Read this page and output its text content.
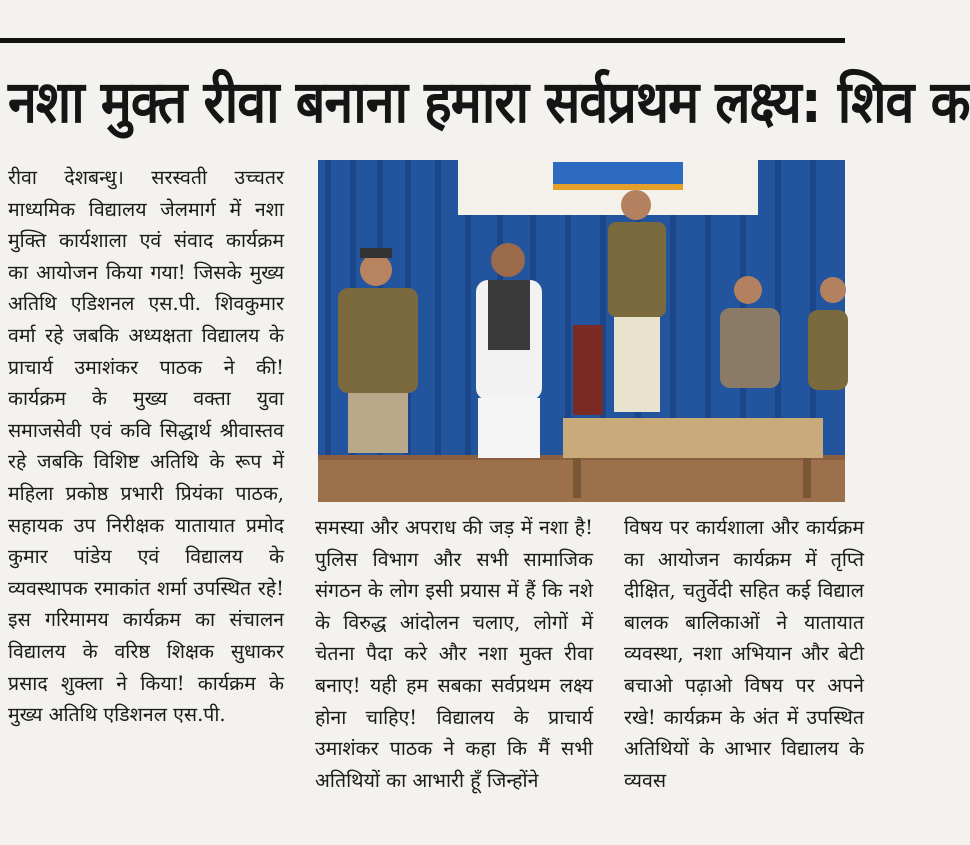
नशा मुक्त रीवा बनाना हमारा सर्वप्रथम लक्ष्य: शिव क

रीवा देशबन्धु। सरस्वती उच्चतर माध्यमिक विद्यालय जेलमार्ग में नशा मुक्ति कार्यशाला एवं संवाद कार्यक्रम का आयोजन किया गया! जिसके मुख्य अतिथि एडिशनल एस.पी. शिवकुमार वर्मा रहे जबकि अध्यक्षता विद्यालय के प्राचार्य उमाशंकर पाठक ने की! कार्यक्रम के मुख्य वक्ता युवा समाजसेवी एवं कवि सिद्धार्थ श्रीवास्तव रहे जबकि विशिष्ट अतिथि के रूप में महिला प्रकोष्ठ प्रभारी प्रियंका पाठक, सहायक उप निरीक्षक यातायात प्रमोद कुमार पांडेय एवं विद्यालय के व्यवस्थापक रमाकांत शर्मा उपस्थित रहे! इस गरिमामय कार्यक्रम का संचालन विद्यालय के वरिष्ठ शिक्षक सुधाकर प्रसाद शुक्ला ने किया! कार्यक्रम के मुख्य अतिथि एडिशनल एस.पी.

समस्या और अपराध की जड़ में नशा है! पुलिस विभाग और सभी सामाजिक संगठन के लोग इसी प्रयास में हैं कि नशे के विरुद्ध आंदोलन चलाए, लोगों में चेतना पैदा करे और नशा मुक्त रीवा बनाए! यही हम सबका सर्वप्रथम लक्ष्य होना चाहिए! विद्यालय के प्राचार्य उमाशंकर पाठक ने कहा कि मैं सभी अतिथियों का आभारी हूँ जिन्होंने

विषय पर कार्यशाला और कार्यक्रम का आयोजन कार्यक्रम में तृप्ति दीक्षित, चतुर्वेदी सहित कई विद्याल बालक बालिकाओं ने यातायात व्यवस्था, नशा अभियान और बेटी बचाओ पढ़ाओ विषय पर अपने रखे! कार्यक्रम के अंत में उपस्थित अतिथियों के आभार विद्यालय के व्यवस
